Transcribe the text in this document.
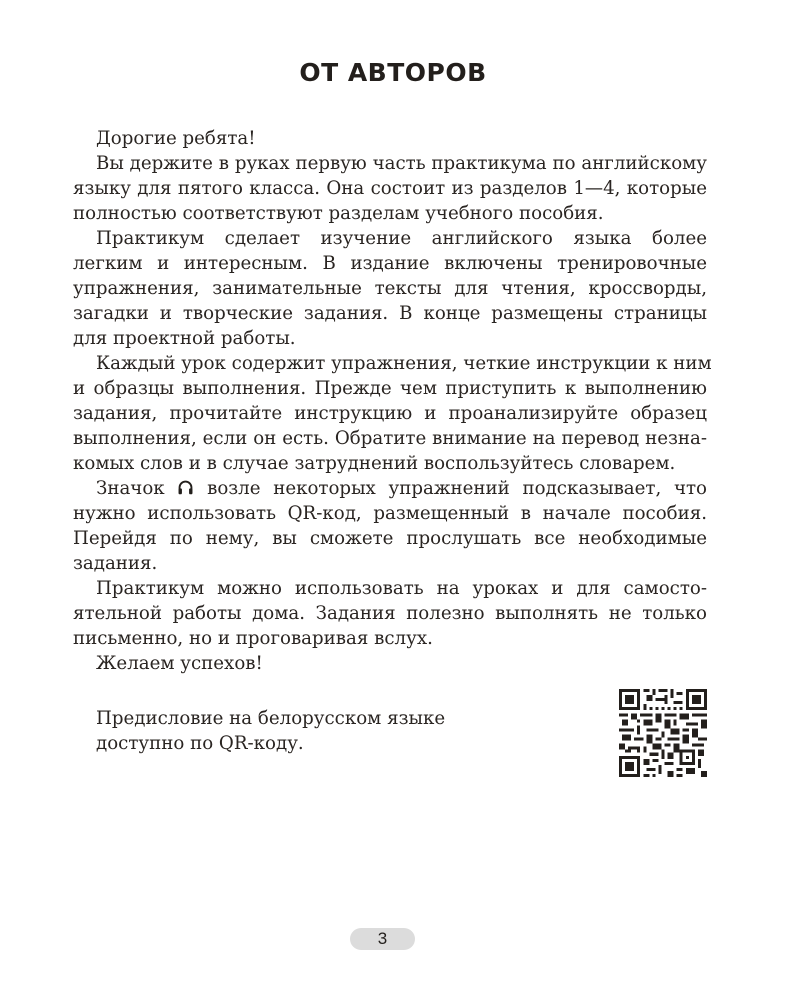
ОТ АВТОРОВ
Дорогие ребята!
Вы держите в руках первую часть практикума по английскому
языку для пятого класса. Она состоит из разделов 1—4, которые
полностью соответствуют разделам учебного пособия.
Практикум сделает изучение английского языка более
легким и интересным. В издание включены тренировочные
упражнения, занимательные тексты для чтения, кроссворды,
загадки и творческие задания. В конце размещены страницы
для проектной работы.
Каждый урок содержит упражнения, четкие инструкции к ним
и образцы выполнения. Прежде чем приступить к выполнению
задания, прочитайте инструкцию и проанализируйте образец
выполнения, если он есть. Обратите внимание на перевод незна-
комых слов и в случае затруднений воспользуйтесь словарем.
Значок возле некоторых упражнений подсказывает, что
нужно использовать QR-код, размещенный в начале пособия.
Перейдя по нему, вы сможете прослушать все необходимые
задания.
Практикум можно использовать на уроках и для самосто-
ятельной работы дома. Задания полезно выполнять не только
письменно, но и проговаривая вслух.
Желаем успехов!
Предисловие на белорусском языке
доступно по QR-коду.
3
